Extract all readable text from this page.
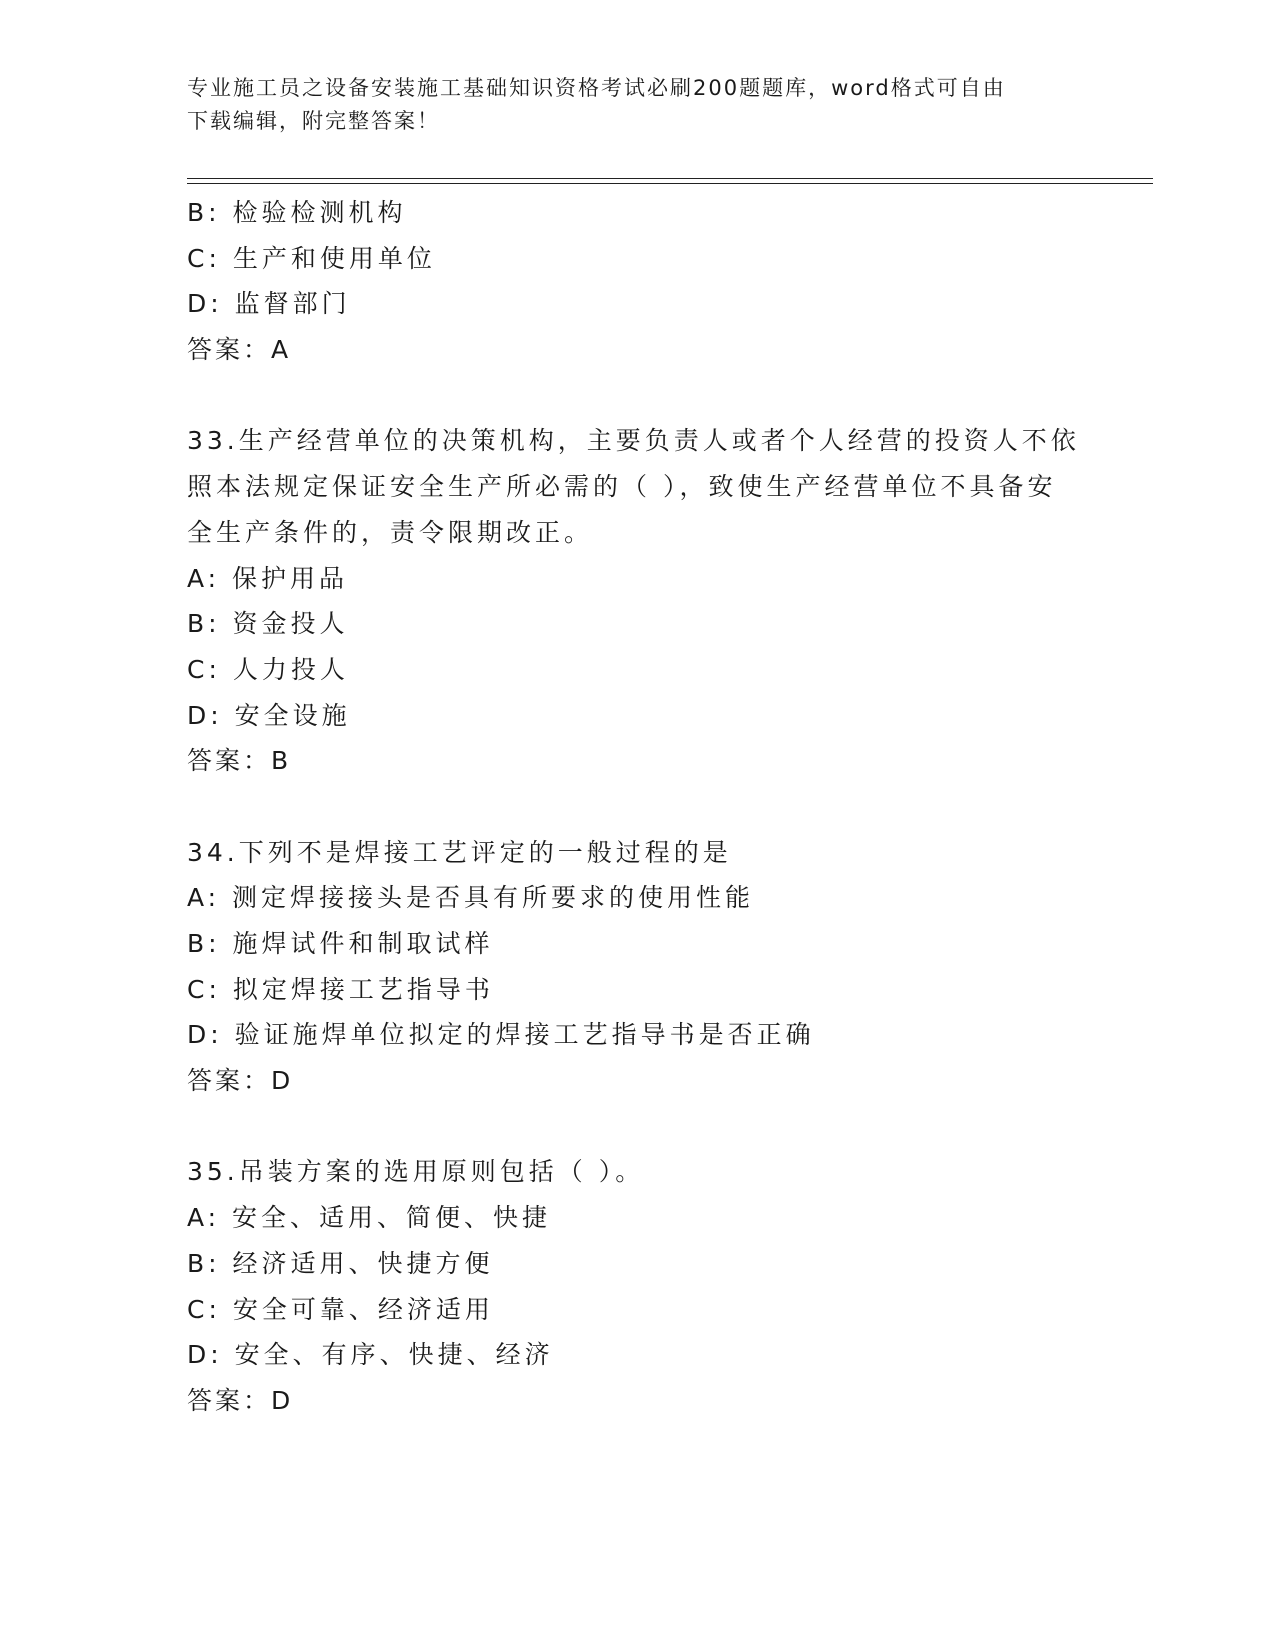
专业施工员之设备安装施工基础知识资格考试必刷200题题库，word格式可自由
下载编辑，附完整答案！
B: 检验检测机构
C: 生产和使用单位
D: 监督部门
答案：A
33.生产经营单位的决策机构，主要负责人或者个人经营的投资人不依
照本法规定保证安全生产所必需的（ ），致使生产经营单位不具备安
全生产条件的，责令限期改正。
A: 保护用品
B: 资金投人
C: 人力投人
D: 安全设施
答案：B
34.下列不是焊接工艺评定的一般过程的是
A: 测定焊接接头是否具有所要求的使用性能
B: 施焊试件和制取试样
C: 拟定焊接工艺指导书
D: 验证施焊单位拟定的焊接工艺指导书是否正确
答案：D
35.吊装方案的选用原则包括（ ）。
A: 安全、适用、简便、快捷
B: 经济适用、快捷方便
C: 安全可靠、经济适用
D: 安全、有序、快捷、经济
答案：D
